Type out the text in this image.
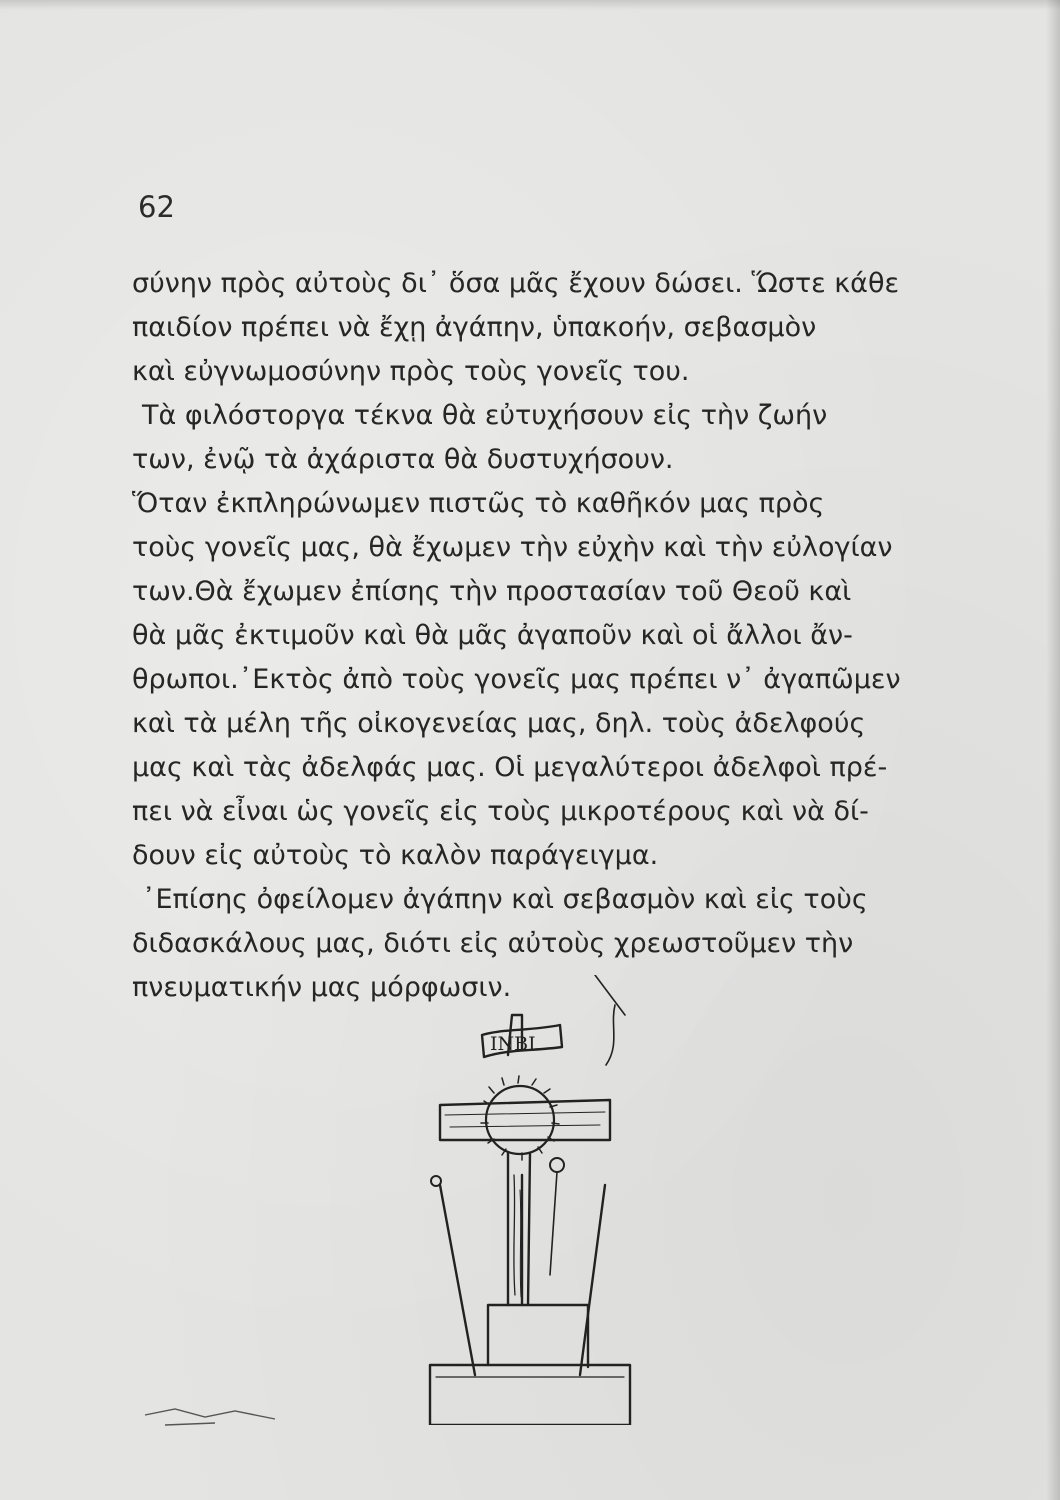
62
σύνην πρὸς αὐτοὺς δι᾽ ὅσα μᾶς ἔχουν δώσει. Ὥστε κάθε
παιδίον πρέπει νὰ ἔχῃ ἀγάπην, ὑπακοήν, σεβασμὸν
καὶ εὐγνωμοσύνην πρὸς τοὺς γονεῖς του.
Τὰ φιλόστοργα τέκνα θὰ εὐτυχήσουν εἰς τὴν ζωήν
των, ἐνῷ τὰ ἀχάριστα θὰ δυστυχήσουν.
Ὅταν ἐκπληρώνωμεν πιστῶς τὸ καθῆκόν μας πρὸς
τοὺς γονεῖς μας, θὰ ἔχωμεν τὴν εὐχὴν καὶ τὴν εὐλογίαν
των.Θὰ ἔχωμεν ἐπίσης τὴν προστασίαν τοῦ Θεοῦ καὶ
θὰ μᾶς ἐκτιμοῦν καὶ θὰ μᾶς ἀγαποῦν καὶ οἱ ἄλλοι ἄν-
θρωποι.᾽Εκτὸς ἀπὸ τοὺς γονεῖς μας πρέπει ν᾽ ἀγαπῶμεν
καὶ τὰ μέλη τῆς οἰκογενείας μας, δηλ. τοὺς ἀδελφούς
μας καὶ τὰς ἀδελφάς μας. Οἱ μεγαλύτεροι ἀδελφοὶ πρέ-
πει νὰ εἶναι ὡς γονεῖς εἰς τοὺς μικροτέρους καὶ νὰ δί-
δουν εἰς αὐτοὺς τὸ καλὸν παράγειγμα.
᾽Επίσης ὀφείλομεν ἀγάπην καὶ σεβασμὸν καὶ εἰς τοὺς
διδασκάλους μας, διότι εἰς αὐτοὺς χρεωστοῦμεν τὴν
πνευματικήν μας μόρφωσιν.
INBI
